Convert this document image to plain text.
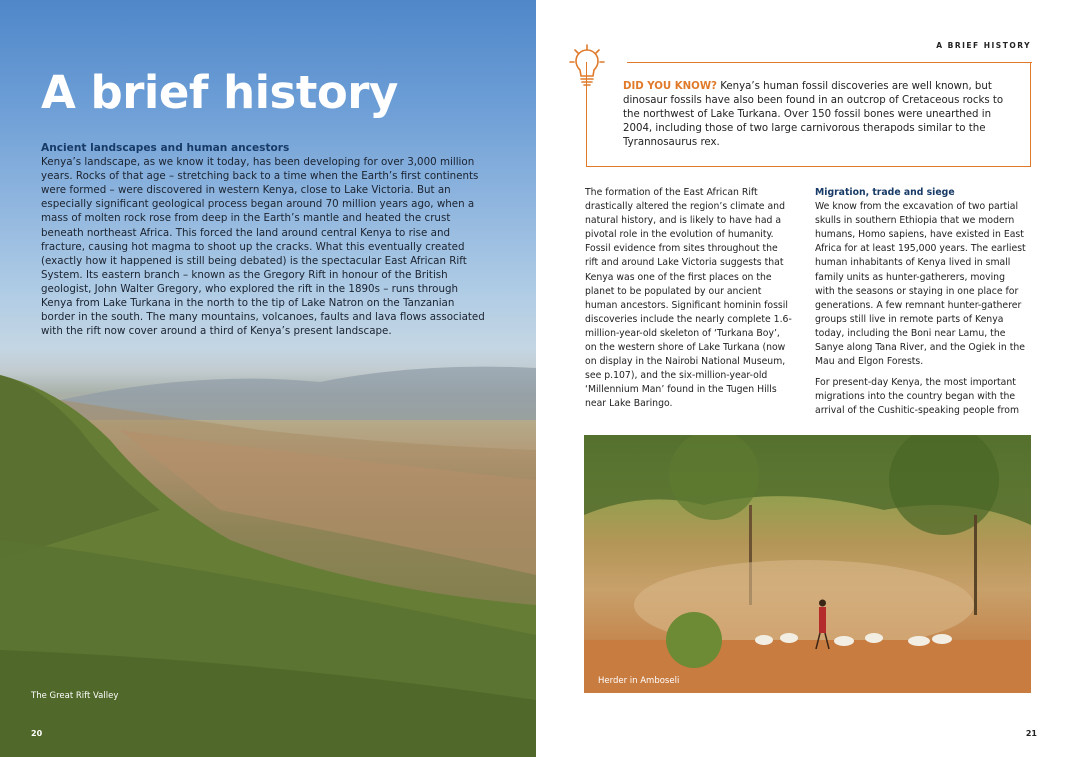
A brief history

Ancient landscapes and human ancestors

Kenya’s landscape, as we know it today, has been developing for over 3,000 million years. Rocks of that age – stretching back to a time when the Earth’s first continents were formed – were discovered in western Kenya, close to Lake Victoria. But an especially significant geological process began around 70 million years ago, when a mass of molten rock rose from deep in the Earth’s mantle and heated the crust beneath northeast Africa. This forced the land around central Kenya to rise and fracture, causing hot magma to shoot up the cracks. What this eventually created (exactly how it happened is still being debated) is the spectacular East African Rift System. Its eastern branch – known as the Gregory Rift in honour of the British geologist, John Walter Gregory, who explored the rift in the 1890s – runs through Kenya from Lake Turkana in the north to the tip of Lake Natron on the Tanzanian border in the south. The many mountains, volcanoes, faults and lava flows associated with the rift now cover around a third of Kenya’s present landscape.

The Great Rift Valley
20
A BRIEF HISTORY
DID YOU KNOW? Kenya’s human fossil discoveries are well known, but dinosaur fossils have also been found in an outcrop of Cretaceous rocks to the northwest of Lake Turkana. Over 150 fossil bones were unearthed in 2004, including those of two large carnivorous therapods similar to the Tyrannosaurus rex.

The formation of the East African Rift drastically altered the region’s climate and natural history, and is likely to have had a pivotal role in the evolution of humanity. Fossil evidence from sites throughout the rift and around Lake Victoria suggests that Kenya was one of the first places on the planet to be populated by our ancient human ancestors. Significant hominin fossil discoveries include the nearly complete 1.6-million-year-old skeleton of ‘Turkana Boy’, on the western shore of Lake Turkana (now on display in the Nairobi National Museum, see p.107), and the six-million-year-old ‘Millennium Man’ found in the Tugen Hills near Lake Baringo.

Migration, trade and siege

We know from the excavation of two partial skulls in southern Ethiopia that we modern humans, Homo sapiens, have existed in East Africa for at least 195,000 years. The earliest human inhabitants of Kenya lived in small family units as hunter-gatherers, moving with the seasons or staying in one place for generations. A few remnant hunter-gatherer groups still live in remote parts of Kenya today, including the Boni near Lamu, the Sanye along Tana River, and the Ogiek in the Mau and Elgon Forests.

For present-day Kenya, the most important migrations into the country began with the arrival of the Cushitic-speaking people from

Herder in Amboseli
21
